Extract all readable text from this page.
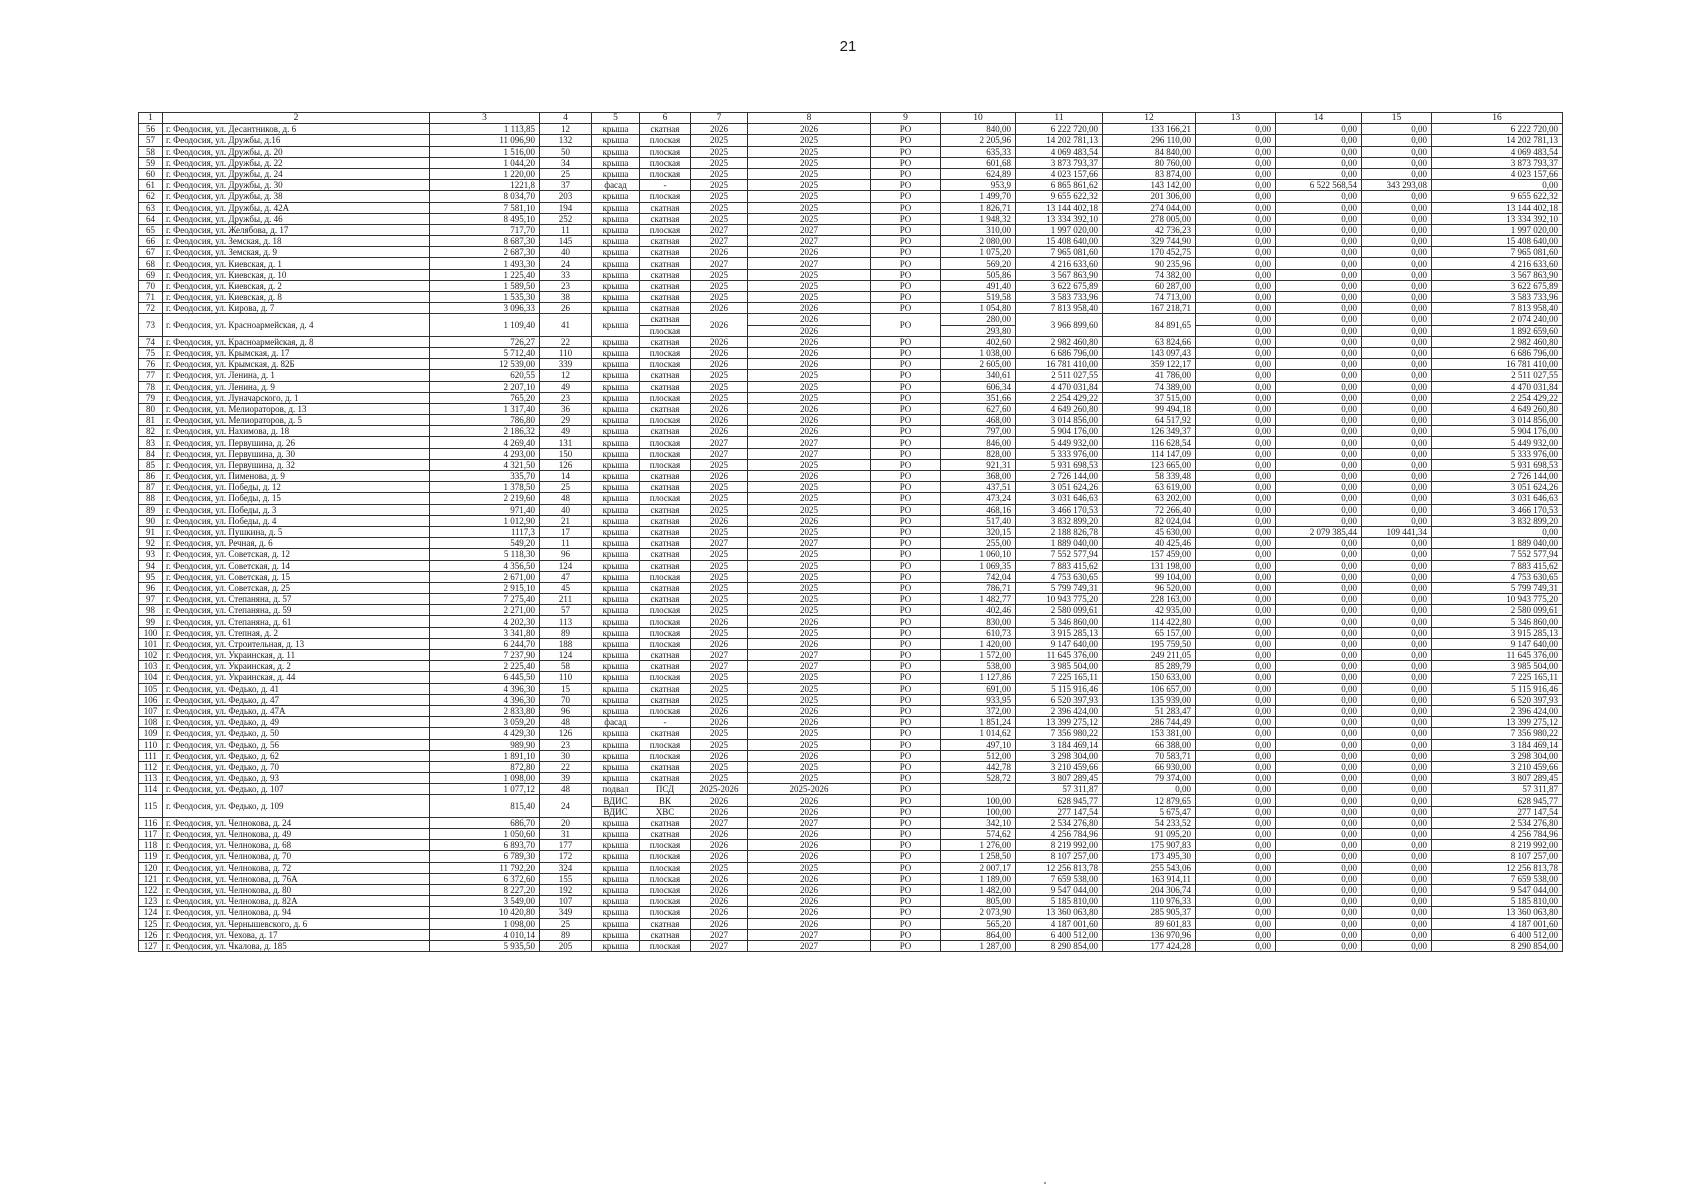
21
1	2	3	4	5	6	7	8	9	10	11	12	13	14	15	16
56	г. Феодосия, ул. Десантников, д. 6	1 113,85	12	крыша	скатная	2026	2026	РО	840,00	6 222 720,00	133 166,21	0,00	0,00	0,00	6 222 720,00
57	г. Феодосия, ул. Дружбы, д.16	11 096,90	132	крыша	плоская	2025	2025	РО	2 205,96	14 202 781,13	296 110,00	0,00	0,00	0,00	14 202 781,13
58	г. Феодосия, ул. Дружбы, д. 20	1 516,00	50	крыша	плоская	2025	2025	РО	635,33	4 069 483,54	84 840,00	0,00	0,00	0,00	4 069 483,54
59	г. Феодосия, ул. Дружбы, д. 22	1 044,20	34	крыша	плоская	2025	2025	РО	601,68	3 873 793,37	80 760,00	0,00	0,00	0,00	3 873 793,37
60	г. Феодосия, ул. Дружбы, д. 24	1 220,00	25	крыша	плоская	2025	2025	РО	624,89	4 023 157,66	83 874,00	0,00	0,00	0,00	4 023 157,66
61	г. Феодосия, ул. Дружбы, д. 30	1221,8	37	фасад	-	2025	2025	РО	953,9	6 865 861,62	143 142,00	0,00	6 522 568,54	343 293,08	0,00
62	г. Феодосия, ул. Дружбы, д. 38	8 034,70	203	крыша	плоская	2025	2025	РО	1 499,70	9 655 622,32	201 306,00	0,00	0,00	0,00	9 655 622,32
63	г. Феодосия, ул. Дружбы, д. 42А	7 581,10	194	крыша	скатная	2025	2025	РО	1 826,71	13 144 402,18	274 044,00	0,00	0,00	0,00	13 144 402,18
64	г. Феодосия, ул. Дружбы, д. 46	8 495,10	252	крыша	скатная	2025	2025	РО	1 948,32	13 334 392,10	278 005,00	0,00	0,00	0,00	13 334 392,10
65	г. Феодосия, ул. Желябова, д. 17	717,70	11	крыша	плоская	2027	2027	РО	310,00	1 997 020,00	42 736,23	0,00	0,00	0,00	1 997 020,00
66	г. Феодосия, ул. Земская, д. 18	8 687,30	145	крыша	скатная	2027	2027	РО	2 080,00	15 408 640,00	329 744,90	0,00	0,00	0,00	15 408 640,00
67	г. Феодосия, ул. Земская, д. 9	2 687,30	40	крыша	скатная	2026	2026	РО	1 075,20	7 965 081,60	170 452,75	0,00	0,00	0,00	7 965 081,60
68	г. Феодосия, ул. Киевская, д. 1	1 493,30	24	крыша	скатная	2027	2027	РО	569,20	4 216 633,60	90 235,96	0,00	0,00	0,00	4 216 633,60
69	г. Феодосия, ул. Киевская, д. 10	1 225,40	33	крыша	скатная	2025	2025	РО	505,86	3 567 863,90	74 382,00	0,00	0,00	0,00	3 567 863,90
70	г. Феодосия, ул. Киевская, д. 2	1 589,50	23	крыша	скатная	2025	2025	РО	491,40	3 622 675,89	60 287,00	0,00	0,00	0,00	3 622 675,89
71	г. Феодосия, ул. Киевская, д. 8	1 535,30	38	крыша	скатная	2025	2025	РО	519,58	3 583 733,96	74 713,00	0,00	0,00	0,00	3 583 733,96
72	г. Феодосия, ул. Кирова, д. 7	3 096,33	26	крыша	скатная	2026	2026	РО	1 054,80	7 813 958,40	167 218,71	0,00	0,00	0,00	7 813 958,40
73	г. Феодосия, ул. Красноармейская, д. 4	1 109,40	41	крыша	скатная	2026	2026	РО	280,00	3 966 899,60	84 891,65	0,00	0,00	0,00	2 074 240,00
					плоская		2026		293,80			0,00	0,00	0,00	1 892 659,60
74	г. Феодосия, ул. Красноармейская, д. 8	726,27	22	крыша	скатная	2026	2026	РО	402,60	2 982 460,80	63 824,66	0,00	0,00	0,00	2 982 460,80
75	г. Феодосия, ул. Крымская, д. 17	5 712,40	110	крыша	плоская	2026	2026	РО	1 038,00	6 686 796,00	143 097,43	0,00	0,00	0,00	6 686 796,00
76	г. Феодосия, ул. Крымская, д. 82Б	12 539,00	339	крыша	плоская	2026	2026	РО	2 605,00	16 781 410,00	359 122,17	0,00	0,00	0,00	16 781 410,00
77	г. Феодосия, ул. Ленина, д. 1	620,55	12	крыша	скатная	2025	2025	РО	340,61	2 511 027,55	41 786,00	0,00	0,00	0,00	2 511 027,55
78	г. Феодосия, ул. Ленина, д. 9	2 207,10	49	крыша	скатная	2025	2025	РО	606,34	4 470 031,84	74 389,00	0,00	0,00	0,00	4 470 031,84
79	г. Феодосия, ул. Луначарского, д. 1	765,20	23	крыша	плоская	2025	2025	РО	351,66	2 254 429,22	37 515,00	0,00	0,00	0,00	2 254 429,22
80	г. Феодосия, ул. Мелиораторов, д. 13	1 317,40	36	крыша	скатная	2026	2026	РО	627,60	4 649 260,80	99 494,18	0,00	0,00	0,00	4 649 260,80
81	г. Феодосия, ул. Мелиораторов, д. 5	786,80	29	крыша	плоская	2026	2026	РО	468,00	3 014 856,00	64 517,92	0,00	0,00	0,00	3 014 856,00
82	г. Феодосия, ул. Нахимова, д. 18	2 186,32	49	крыша	скатная	2026	2026	РО	797,00	5 904 176,00	126 349,37	0,00	0,00	0,00	5 904 176,00
83	г. Феодосия, ул. Первушина, д. 26	4 269,40	131	крыша	плоская	2027	2027	РО	846,00	5 449 932,00	116 628,54	0,00	0,00	0,00	5 449 932,00
84	г. Феодосия, ул. Первушина, д. 30	4 293,00	150	крыша	плоская	2027	2027	РО	828,00	5 333 976,00	114 147,09	0,00	0,00	0,00	5 333 976,00
85	г. Феодосия, ул. Первушина, д. 32	4 321,50	126	крыша	плоская	2025	2025	РО	921,31	5 931 698,53	123 665,00	0,00	0,00	0,00	5 931 698,53
86	г. Феодосия, ул. Пименова, д. 9	335,70	14	крыша	скатная	2026	2026	РО	368,00	2 726 144,00	58 339,48	0,00	0,00	0,00	2 726 144,00
87	г. Феодосия, ул. Победы, д. 12	1 378,50	25	крыша	скатная	2025	2025	РО	437,51	3 051 624,26	63 619,00	0,00	0,00	0,00	3 051 624,26
88	г. Феодосия, ул. Победы, д. 15	2 219,60	48	крыша	плоская	2025	2025	РО	473,24	3 031 646,63	63 202,00	0,00	0,00	0,00	3 031 646,63
89	г. Феодосия, ул. Победы, д. 3	971,40	40	крыша	скатная	2025	2025	РО	468,16	3 466 170,53	72 266,40	0,00	0,00	0,00	3 466 170,53
90	г. Феодосия, ул. Победы, д. 4	1 012,90	21	крыша	скатная	2026	2026	РО	517,40	3 832 899,20	82 024,04	0,00	0,00	0,00	3 832 899,20
91	г. Феодосия, ул. Пушкина, д. 5	1117,3	17	крыша	скатная	2025	2025	РО	320,15	2 188 826,78	45 630,00	0,00	2 079 385,44	109 441,34	0,00
92	г. Феодосия, ул. Речная, д. 6	549,20	11	крыша	скатная	2027	2027	РО	255,00	1 889 040,00	40 425,46	0,00	0,00	0,00	1 889 040,00
93	г. Феодосия, ул. Советская, д. 12	5 118,30	96	крыша	скатная	2025	2025	РО	1 060,10	7 552 577,94	157 459,00	0,00	0,00	0,00	7 552 577,94
94	г. Феодосия, ул. Советская, д. 14	4 356,50	124	крыша	скатная	2025	2025	РО	1 069,35	7 883 415,62	131 198,00	0,00	0,00	0,00	7 883 415,62
95	г. Феодосия, ул. Советская, д. 15	2 671,00	47	крыша	плоская	2025	2025	РО	742,04	4 753 630,65	99 104,00	0,00	0,00	0,00	4 753 630,65
96	г. Феодосия, ул. Советская, д. 25	2 915,10	45	крыша	скатная	2025	2025	РО	786,71	5 799 749,31	96 520,00	0,00	0,00	0,00	5 799 749,31
97	г. Феодосия, ул. Степаняна, д. 57	7 275,40	211	крыша	скатная	2025	2025	РО	1 482,77	10 943 775,20	228 163,00	0,00	0,00	0,00	10 943 775,20
98	г. Феодосия, ул. Степаняна, д. 59	2 271,00	57	крыша	плоская	2025	2025	РО	402,46	2 580 099,61	42 935,00	0,00	0,00	0,00	2 580 099,61
99	г. Феодосия, ул. Степаняна, д. 61	4 202,30	113	крыша	плоская	2026	2026	РО	830,00	5 346 860,00	114 422,80	0,00	0,00	0,00	5 346 860,00
100	г. Феодосия, ул. Степная, д. 2	3 341,80	89	крыша	плоская	2025	2025	РО	610,73	3 915 285,13	65 157,00	0,00	0,00	0,00	3 915 285,13
101	г. Феодосия, ул. Строительная, д. 13	6 244,70	188	крыша	плоская	2026	2026	РО	1 420,00	9 147 640,00	195 759,50	0,00	0,00	0,00	9 147 640,00
102	г. Феодосия, ул. Украинская, д. 11	7 237,90	124	крыша	скатная	2027	2027	РО	1 572,00	11 645 376,00	249 211,05	0,00	0,00	0,00	11 645 376,00
103	г. Феодосия, ул. Украинская, д. 2	2 225,40	58	крыша	скатная	2027	2027	РО	538,00	3 985 504,00	85 289,79	0,00	0,00	0,00	3 985 504,00
104	г. Феодосия, ул. Украинская, д. 44	6 445,50	110	крыша	плоская	2025	2025	РО	1 127,86	7 225 165,11	150 633,00	0,00	0,00	0,00	7 225 165,11
105	г. Феодосия, ул. Федько, д. 41	4 396,30	15	крыша	скатная	2025	2025	РО	691,00	5 115 916,46	106 657,00	0,00	0,00	0,00	5 115 916,46
106	г. Феодосия, ул. Федько, д. 47	4 396,30	70	крыша	скатная	2025	2025	РО	933,95	6 520 397,93	135 939,00	0,00	0,00	0,00	6 520 397,93
107	г. Феодосия, ул. Федько, д. 47А	2 833,80	96	крыша	плоская	2026	2026	РО	372,00	2 396 424,00	51 283,47	0,00	0,00	0,00	2 396 424,00
108	г. Феодосия, ул. Федько, д. 49	3 059,20	48	фасад	-	2026	2026	РО	1 851,24	13 399 275,12	286 744,49	0,00	0,00	0,00	13 399 275,12
109	г. Феодосия, ул. Федько, д. 50	4 429,30	126	крыша	скатная	2025	2025	РО	1 014,62	7 356 980,22	153 381,00	0,00	0,00	0,00	7 356 980,22
110	г. Феодосия, ул. Федько, д. 56	989,90	23	крыша	плоская	2025	2025	РО	497,10	3 184 469,14	66 388,00	0,00	0,00	0,00	3 184 469,14
111	г. Феодосия, ул. Федько, д. 62	1 891,10	30	крыша	плоская	2026	2026	РО	512,00	3 298 304,00	70 583,71	0,00	0,00	0,00	3 298 304,00
112	г. Феодосия, ул. Федько, д. 70	872,80	22	крыша	скатная	2025	2025	РО	442,78	3 210 459,66	66 930,00	0,00	0,00	0,00	3 210 459,66
113	г. Феодосия, ул. Федько, д. 93	1 098,00	39	крыша	скатная	2025	2025	РО	528,72	3 807 289,45	79 374,00	0,00	0,00	0,00	3 807 289,45
114	г. Феодосия, ул. Федько, д. 107	1 077,12	48	подвал	ПСД	2025-2026	2025-2026	РО		57 311,87	0,00	0,00	0,00	0,00	57 311,87
115	г. Феодосия, ул. Федько, д. 109	815,40	24	ВДИС	ВК	2026	2026	РО	100,00	628 945,77	12 879,65	0,00	0,00	0,00	628 945,77
				ВДИС	ХВС	2026	2026	РО	100,00	277 147,54	5 675,47	0,00	0,00	0,00	277 147,54
116	г. Феодосия, ул. Челнокова, д. 24	686,70	20	крыша	скатная	2027	2027	РО	342,10	2 534 276,80	54 233,52	0,00	0,00	0,00	2 534 276,80
117	г. Феодосия, ул. Челнокова, д. 49	1 050,60	31	крыша	скатная	2026	2026	РО	574,62	4 256 784,96	91 095,20	0,00	0,00	0,00	4 256 784,96
118	г. Феодосия, ул. Челнокова, д. 68	6 893,70	177	крыша	плоская	2026	2026	РО	1 276,00	8 219 992,00	175 907,83	0,00	0,00	0,00	8 219 992,00
119	г. Феодосия, ул. Челнокова, д. 70	6 789,30	172	крыша	плоская	2026	2026	РО	1 258,50	8 107 257,00	173 495,30	0,00	0,00	0,00	8 107 257,00
120	г. Феодосия, ул. Челнокова, д. 72	11 792,20	324	крыша	плоская	2025	2025	РО	2 007,17	12 256 813,78	255 543,06	0,00	0,00	0,00	12 256 813,78
121	г. Феодосия, ул. Челнокова, д. 76А	6 372,60	155	крыша	плоская	2026	2026	РО	1 189,00	7 659 538,00	163 914,11	0,00	0,00	0,00	7 659 538,00
122	г. Феодосия, ул. Челнокова, д. 80	8 227,20	192	крыша	плоская	2026	2026	РО	1 482,00	9 547 044,00	204 306,74	0,00	0,00	0,00	9 547 044,00
123	г. Феодосия, ул. Челнокова, д. 82А	3 549,00	107	крыша	плоская	2026	2026	РО	805,00	5 185 810,00	110 976,33	0,00	0,00	0,00	5 185 810,00
124	г. Феодосия, ул. Челнокова, д. 94	10 420,80	349	крыша	плоская	2026	2026	РО	2 073,90	13 360 063,80	285 905,37	0,00	0,00	0,00	13 360 063,80
125	г. Феодосия, ул. Чернышевского, д. 6	1 098,00	25	крыша	скатная	2026	2026	РО	565,20	4 187 001,60	89 601,83	0,00	0,00	0,00	4 187 001,60
126	г. Феодосия, ул. Чехова, д. 17	4 010,14	89	крыша	скатная	2027	2027	РО	864,00	6 400 512,00	136 970,96	0,00	0,00	0,00	6 400 512,00
127	г. Феодосия, ул. Чкалова, д. 185	5 935,50	205	крыша	плоская	2027	2027	РО	1 287,00	8 290 854,00	177 424,28	0,00	0,00	0,00	8 290 854,00
